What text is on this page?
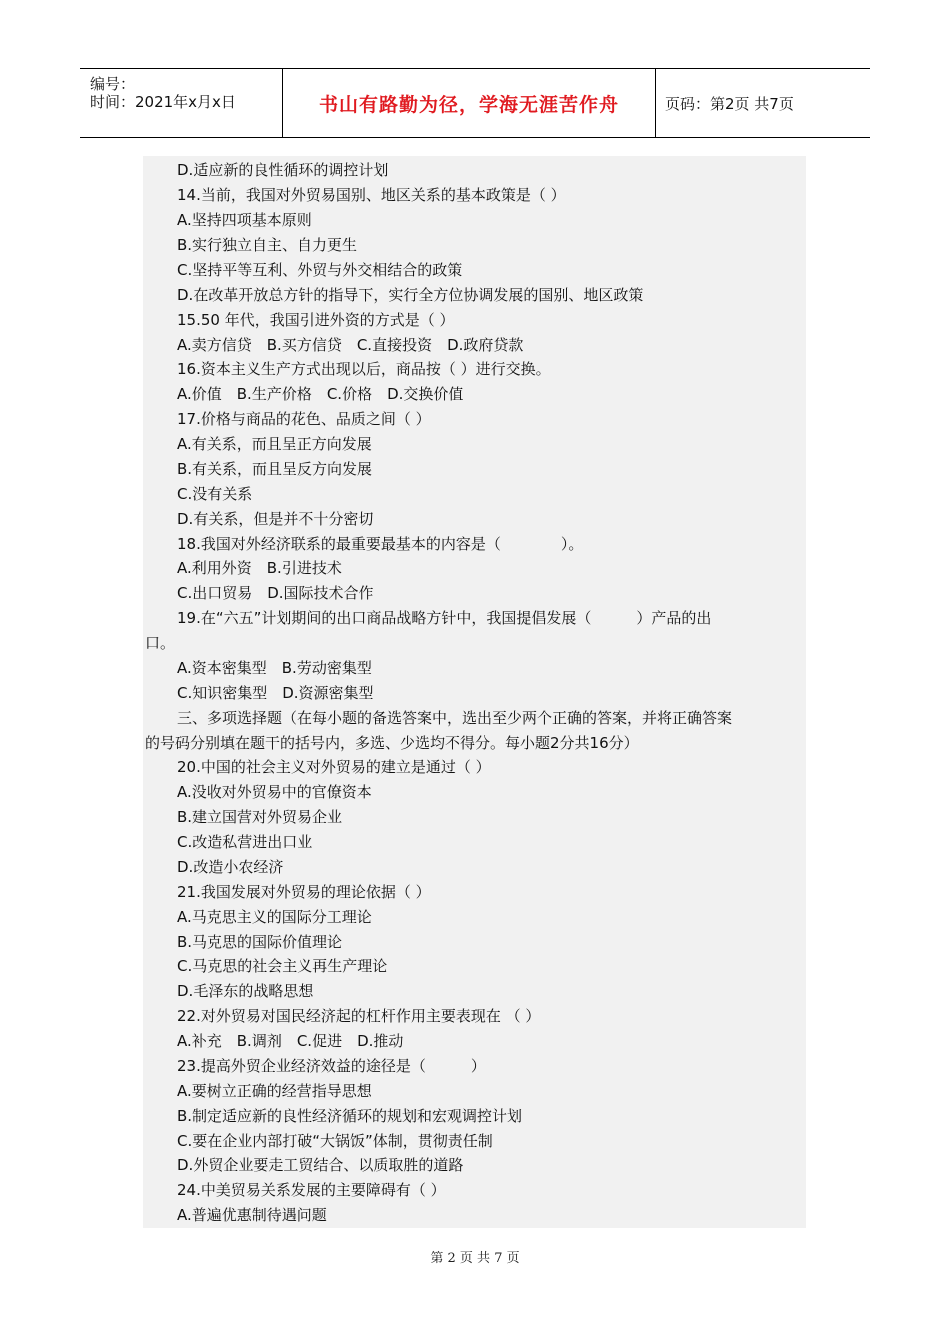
编号：
时间：2021年x月x日	书山有路勤为径，学海无涯苦作舟	页码：第2页 共7页
D.适应新的良性循环的调控计划
14.当前，我国对外贸易国别、地区关系的基本政策是（ ）
A.坚持四项基本原则
B.实行独立自主、自力更生
C.坚持平等互利、外贸与外交相结合的政策
D.在改革开放总方针的指导下，实行全方位协调发展的国别、地区政策
15.50 年代，我国引进外资的方式是（ ）
A.卖方信贷　B.买方信贷　C.直接投资　D.政府贷款
16.资本主义生产方式出现以后，商品按（ ）进行交换。
A.价值　B.生产价格　C.价格　D.交换价值
17.价格与商品的花色、品质之间（ ）
A.有关系，而且呈正方向发展
B.有关系，而且呈反方向发展
C.没有关系
D.有关系，但是并不十分密切
18.我国对外经济联系的最重要最基本的内容是（　　　　）。
A.利用外资　B.引进技术
C.出口贸易　D.国际技术合作
19.在“六五”计划期间的出口商品战略方针中，我国提倡发展（　　　）产品的出
口。
A.资本密集型　B.劳动密集型
C.知识密集型　D.资源密集型
三、多项选择题（在每小题的备选答案中，选出至少两个正确的答案，并将正确答案
的号码分别填在题干的括号内，多选、少选均不得分。每小题2分共16分）
20.中国的社会主义对外贸易的建立是通过（ ）
A.没收对外贸易中的官僚资本
B.建立国营对外贸易企业
C.改造私营进出口业
D.改造小农经济
21.我国发展对外贸易的理论依据（ ）
A.马克思主义的国际分工理论
B.马克思的国际价值理论
C.马克思的社会主义再生产理论
D.毛泽东的战略思想
22.对外贸易对国民经济起的杠杆作用主要表现在 （ ）
A.补充　B.调剂　C.促进　D.推动
23.提高外贸企业经济效益的途径是（　　　）
A.要树立正确的经营指导思想
B.制定适应新的良性经济循环的规划和宏观调控计划
C.要在企业内部打破“大锅饭”体制，贯彻责任制
D.外贸企业要走工贸结合、以质取胜的道路
24.中美贸易关系发展的主要障碍有（ ）
A.普遍优惠制待遇问题
第 2 页 共 7 页
